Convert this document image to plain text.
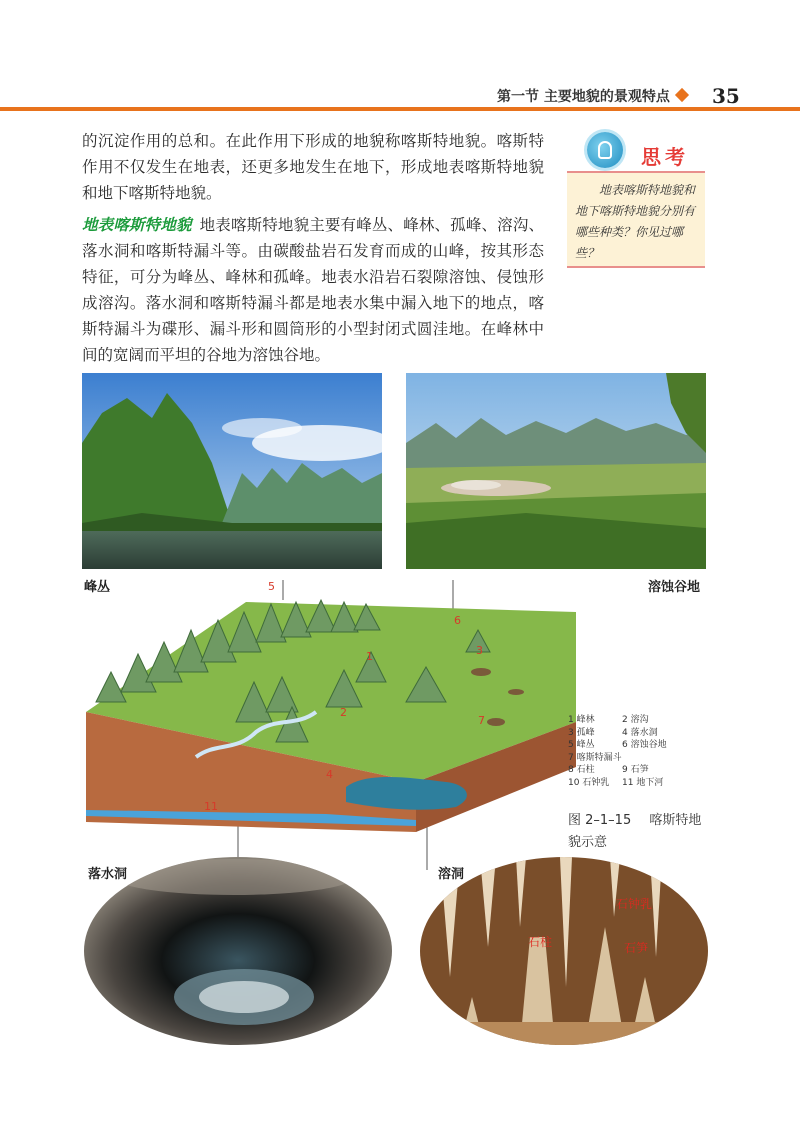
第一节 主要地貌的景观特点 35

的沉淀作用的总和。在此作用下形成的地貌称喀斯特地貌。喀斯特作用不仅发生在地表，还更多地发生在地下，形成地表喀斯特地貌和地下喀斯特地貌。

地表喀斯特地貌 地表喀斯特地貌主要有峰丛、峰林、孤峰、溶沟、落水洞和喀斯特漏斗等。由碳酸盐岩石发育而成的山峰，按其形态特征，可分为峰丛、峰林和孤峰。地表水沿岩石裂隙溶蚀、侵蚀形成溶沟。落水洞和喀斯特漏斗都是地表水集中漏入地下的地点，喀斯特漏斗为碟形、漏斗形和圆筒形的小型封闭式圆洼地。在峰林中间的宽阔而平坦的谷地为溶蚀谷地。

思考

地表喀斯特地貌和地下喀斯特地貌分别有哪些种类？你见过哪些？

峰丛	溶蚀谷地
5
6
1	3
2
7
4
11
1 峰林	2 溶沟
3 孤峰	4 落水洞
5 峰丛	6 溶蚀谷地
7 喀斯特漏斗
8 石柱	9 石笋
10 石钟乳 11 地下河
图 2–1–15 喀斯特地貌示意
落水洞	溶洞
石钟乳
石柱	石笋
